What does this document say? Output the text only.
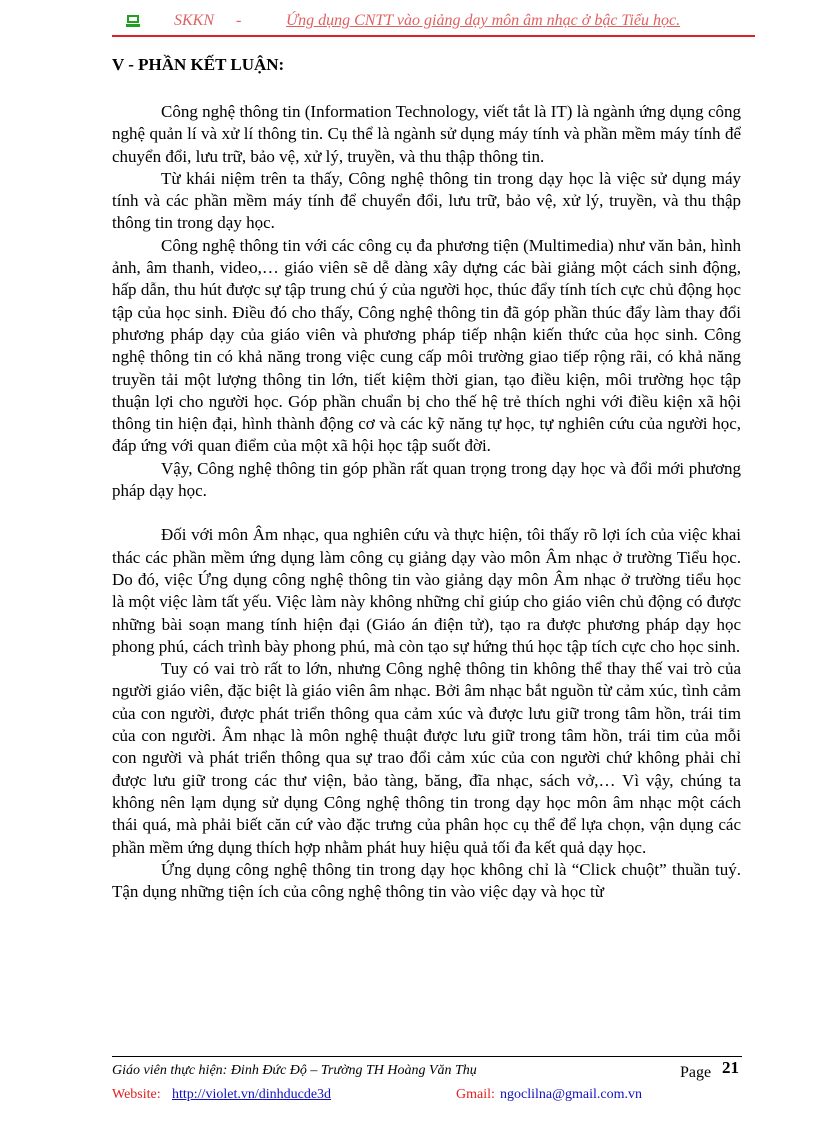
SKKN -	Ứng dụng CNTT vào giảng dạy môn âm nhạc ở bậc Tiểu học.
V - PHẦN KẾT LUẬN:

Công nghệ thông tin (Information Technology, viết tắt là IT) là ngành ứng dụng công nghệ quản lí và xử lí thông tin. Cụ thể là ngành sử dụng máy tính và phần mềm máy tính để chuyển đổi, lưu trữ, bảo vệ, xử lý, truyền, và thu thập thông tin.

Từ khái niệm trên ta thấy, Công nghệ thông tin trong dạy học là việc sử dụng máy tính và các phần mềm máy tính để chuyển đổi, lưu trữ, bảo vệ, xử lý, truyền, và thu thập thông tin trong dạy học.

Công nghệ thông tin với các công cụ đa phương tiện (Multimedia) như văn bản, hình ảnh, âm thanh, video,… giáo viên sẽ dễ dàng xây dựng các bài giảng một cách sinh động, hấp dẫn, thu hút được sự tập trung chú ý của người học, thúc đẩy tính tích cực chủ động học tập của học sinh. Điều đó cho thấy, Công nghệ thông tin đã góp phần thúc đẩy làm thay đổi phương pháp dạy của giáo viên và phương pháp tiếp nhận kiến thức của học sinh. Công nghệ thông tin có khả năng trong việc cung cấp môi trường giao tiếp rộng rãi, có khả năng truyền tải một lượng thông tin lớn, tiết kiệm thời gian, tạo điều kiện, môi trường học tập thuận lợi cho người học. Góp phần chuẩn bị cho thế hệ trẻ thích nghi với điều kiện xã hội thông tin hiện đại, hình thành động cơ và các kỹ năng tự học, tự nghiên cứu của người học, đáp ứng với quan điểm của một xã hội học tập suốt đời.

Vậy, Công nghệ thông tin góp phần rất quan trọng trong dạy học và đổi mới phương pháp dạy học.

Đối với môn Âm nhạc, qua nghiên cứu và thực hiện, tôi thấy rõ lợi ích của việc khai thác các phần mềm ứng dụng làm công cụ giảng dạy vào môn Âm nhạc ở trường Tiểu học. Do đó, việc Ứng dụng công nghệ thông tin vào giảng dạy môn Âm nhạc ở trường tiểu học là một việc làm tất yếu. Việc làm này không những chỉ giúp cho giáo viên chủ động có được những bài soạn mang tính hiện đại (Giáo án điện tử), tạo ra được phương pháp dạy học phong phú, cách trình bày phong phú, mà còn tạo sự hứng thú học tập tích cực cho học sinh.

Tuy có vai trò rất to lớn, nhưng Công nghệ thông tin không thể thay thế vai trò của người giáo viên, đặc biệt là giáo viên âm nhạc. Bởi âm nhạc bắt nguồn từ cảm xúc, tình cảm của con người, được phát triển thông qua cảm xúc và được lưu giữ trong tâm hồn, trái tim của con người. Âm nhạc là môn nghệ thuật được lưu giữ trong tâm hồn, trái tim của mỗi con người và phát triển thông qua sự trao đổi cảm xúc của con người chứ không phải chỉ được lưu giữ trong các thư viện, bảo tàng, băng, đĩa nhạc, sách vở,… Vì vậy, chúng ta không nên lạm dụng sử dụng Công nghệ thông tin trong dạy học môn âm nhạc một cách thái quá, mà phải biết căn cứ vào đặc trưng của phân học cụ thể để lựa chọn, vận dụng các phần mềm ứng dụng thích hợp nhằm phát huy hiệu quả tối đa kết quả dạy học.

Ứng dụng công nghệ thông tin trong dạy học không chỉ là “Click chuột” thuần tuý. Tận dụng những tiện ích của công nghệ thông tin vào việc dạy và học từ

Giáo viên thực hiện: Đinh Đức Độ – Trường TH Hoàng Văn Thụ	Page 21
Website: http://violet.vn/dinhducde3d	Gmail: ngoclilna@gmail.com.vn
